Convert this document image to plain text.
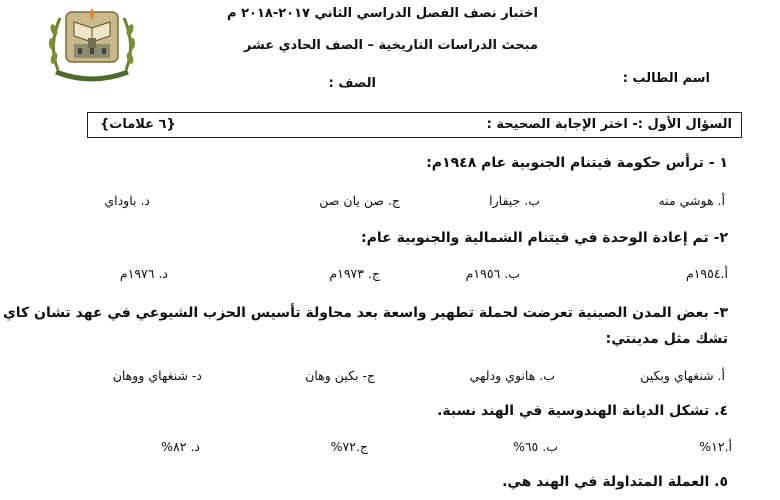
اختبار نصف الفصل الدراسي الثاني ٢٠١٧-٢٠١٨ م
مبحث الدراسات التاريخية – الصف الحادي عشر
اسم الطالب :
الصف :
السؤال الأول :- اختر الإجابة الصحيحة :
{٦ علامات}
١ - ترأس حكومة فيتنام الجنوبية عام ١٩٤٨م:
أ. هوشي منه
ب. جيفارا
ج. صن يان صن
د. باوداي
٢- تم إعادة الوحدة في فيتنام الشمالية والجنوبية عام:
أ.١٩٥٤م
ب. ١٩٥٦م
ج. ١٩٧٣م
د. ١٩٧٦م
٣- بعض المدن الصينية تعرضت لحملة تطهير واسعة بعد محاولة تأسيس الحزب الشيوعي في عهد تشان كاي
تشك مثل مدينتي:
أ. شنغهاي وبكين
ب. هانوي ودلهي
ج- بكين وهان
د- شنغهاي ووهان
٤. تشكل الديانة الهندوسية في الهند نسبة.
أ.١٢%
ب. ٦٥%
ج.٧٢%
د. ٨٢%
٥. العملة المتداولة في الهند هي.
